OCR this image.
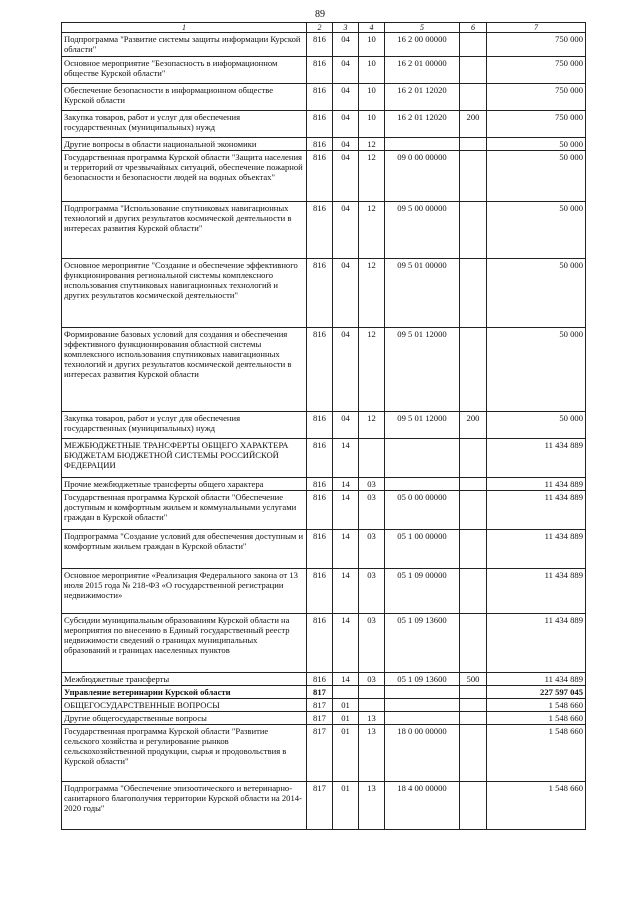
89
1	2	3	4	5	6	7
Подпрограмма "Развитие системы защиты информации Курской области"	816	04	10	16 2 00 00000		750 000
Основное мероприятие "Безопасность в информационном обществе Курской области"	816	04	10	16 2 01 00000		750 000
Обеспечение безопасности в информационном обществе Курской области	816	04	10	16 2 01 12020		750 000
Закупка товаров, работ и услуг для обеспечения государственных (муниципальных) нужд	816	04	10	16 2 01 12020	200	750 000
Другие вопросы в области национальной экономики	816	04	12			50 000
Государственная программа Курской области "Защита населения и территорий от чрезвычайных ситуаций, обеспечение пожарной безопасности и безопасности людей на водных объектах"	816	04	12	09 0 00 00000		50 000
Подпрограмма "Использование спутниковых навигационных технологий и других результатов космической деятельности в интересах развития Курской области"	816	04	12	09 5 00 00000		50 000
Основное мероприятие "Создание и обеспечение эффективного функционирования региональной системы комплексного использования спутниковых навигационных технологий и других результатов космической деятельности"	816	04	12	09 5 01 00000		50 000
Формирование базовых условий для создания и обеспечения эффективного функционирования областной системы комплексного использования спутниковых навигационных технологий и других результатов космической деятельности в интересах развития Курской области	816	04	12	09 5 01 12000		50 000
Закупка товаров, работ и услуг для обеспечения государственных (муниципальных) нужд	816	04	12	09 5 01 12000	200	50 000
МЕЖБЮДЖЕТНЫЕ ТРАНСФЕРТЫ ОБЩЕГО ХАРАКТЕРА БЮДЖЕТАМ БЮДЖЕТНОЙ СИСТЕМЫ РОССИЙСКОЙ ФЕДЕРАЦИИ	816	14				11 434 889
Прочие межбюджетные трансферты общего характера	816	14	03			11 434 889
Государственная программа Курской области "Обеспечение доступным и комфортным жильем и коммунальными услугами граждан в Курской области"	816	14	03	05 0 00 00000		11 434 889
Подпрограмма "Создание условий для обеспечения доступным и комфортным жильем граждан в Курской области"	816	14	03	05 1 00 00000		11 434 889
Основное мероприятие «Реализация Федерального закона от 13 июля 2015 года № 218-ФЗ «О государственной регистрации недвижимости»	816	14	03	05 1 09 00000		11 434 889
Субсидии муниципальным образованиям Курской области на мероприятия по внесению в Единый государственный реестр недвижимости сведений о границах муниципальных образований и границах населенных пунктов	816	14	03	05 1 09 13600		11 434 889
Межбюджетные трансферты	816	14	03	05 1 09 13600	500	11 434 889
Управление ветеринарии Курской области	817					227 597 045
ОБЩЕГОСУДАРСТВЕННЫЕ ВОПРОСЫ	817	01				1 548 660
Другие общегосударственные вопросы	817	01	13			1 548 660
Государственная программа Курской области "Развитие сельского хозяйства и регулирование рынков сельскохозяйственной продукции, сырья и продовольствия в Курской области"	817	01	13	18 0 00 00000		1 548 660
Подпрограмма "Обеспечение эпизоотического и ветеринарно-санитарного благополучия территории Курской области на 2014-2020 годы"	817	01	13	18 4 00 00000		1 548 660
